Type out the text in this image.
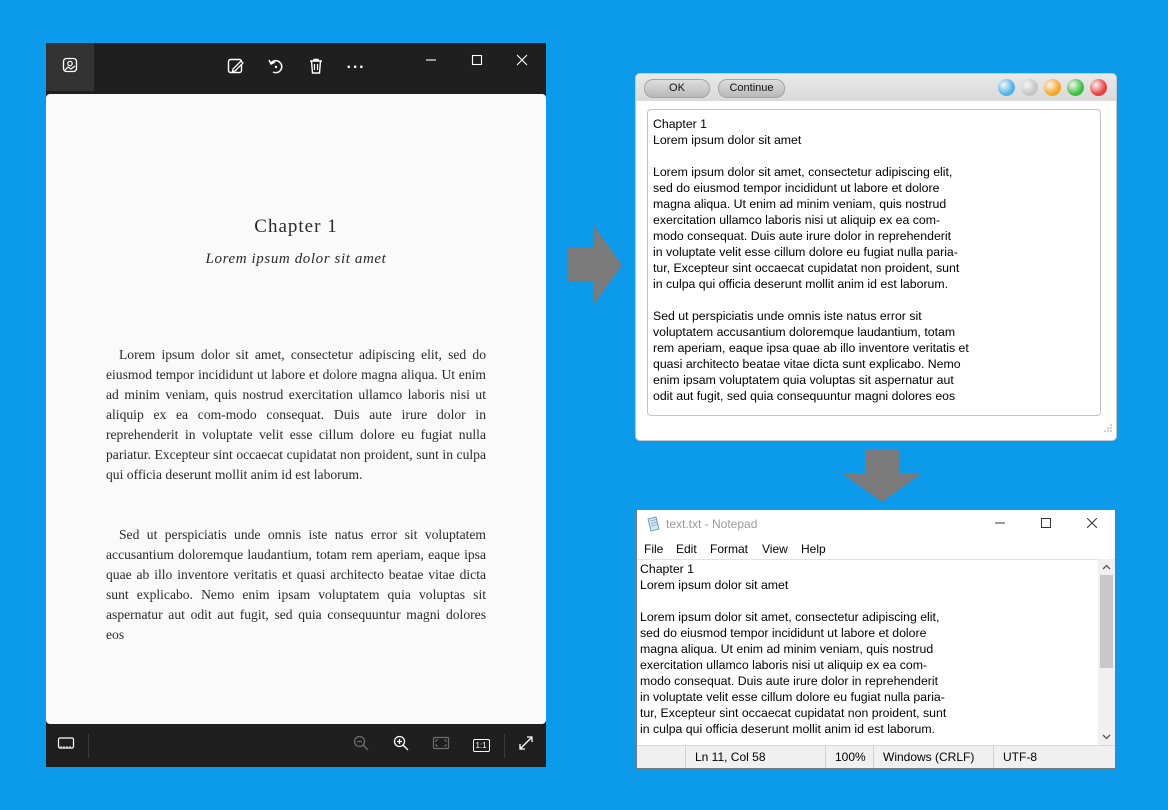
···
Chapter 1
Lorem ipsum dolor sit amet

Lorem ipsum dolor sit amet, consectetur adipiscing elit, sed do eiusmod tempor incididunt ut labore et dolore magna aliqua. Ut enim ad minim veniam, quis nostrud exercitation ullamco laboris nisi ut aliquip ex ea com-modo consequat. Duis aute irure dolor in reprehenderit in voluptate velit esse cillum dolore eu fugiat nulla pariatur. Excepteur sint occaecat cupidatat non proident, sunt in culpa qui officia deserunt mollit anim id est laborum.

Sed ut perspiciatis unde omnis iste natus error sit voluptatem accusantium doloremque laudantium, totam rem aperiam, eaque ipsa quae ab illo inventore veritatis et quasi architecto beatae vitae dicta sunt explicabo. Nemo enim ipsam voluptatem quia voluptas sit aspernatur aut odit aut fugit, sed quia consequuntur magni dolores eos

1:1
OK	Continue
Chapter 1
Lorem ipsum dolor sit amet

Lorem ipsum dolor sit amet, consectetur adipiscing elit,
sed do eiusmod tempor incididunt ut labore et dolore
magna aliqua. Ut enim ad minim veniam, quis nostrud
exercitation ullamco laboris nisi ut aliquip ex ea com-
modo consequat. Duis aute irure dolor in reprehenderit
in voluptate velit esse cillum dolore eu fugiat nulla paria-
tur, Excepteur sint occaecat cupidatat non proident, sunt
in culpa qui officia deserunt mollit anim id est laborum.

Sed ut perspiciatis unde omnis iste natus error sit
voluptatem accusantium doloremque laudantium, totam
rem aperiam, eaque ipsa quae ab illo inventore veritatis et
quasi architecto beatae vitae dicta sunt explicabo. Nemo
enim ipsam voluptatem quia voluptas sit aspernatur aut
odit aut fugit, sed quia consequuntur magni dolores eos
text.txt - Notepad
File Edit Format View Help
Chapter 1
Lorem ipsum dolor sit amet

Lorem ipsum dolor sit amet, consectetur adipiscing elit,
sed do eiusmod tempor incididunt ut labore et dolore
magna aliqua. Ut enim ad minim veniam, quis nostrud
exercitation ullamco laboris nisi ut aliquip ex ea com-
modo consequat. Duis aute irure dolor in reprehenderit
in voluptate velit esse cillum dolore eu fugiat nulla paria-
tur, Excepteur sint occaecat cupidatat non proident, sunt
in culpa qui officia deserunt mollit anim id est laborum.
Ln 11, Col 58	100%	Windows (CRLF)	UTF-8
